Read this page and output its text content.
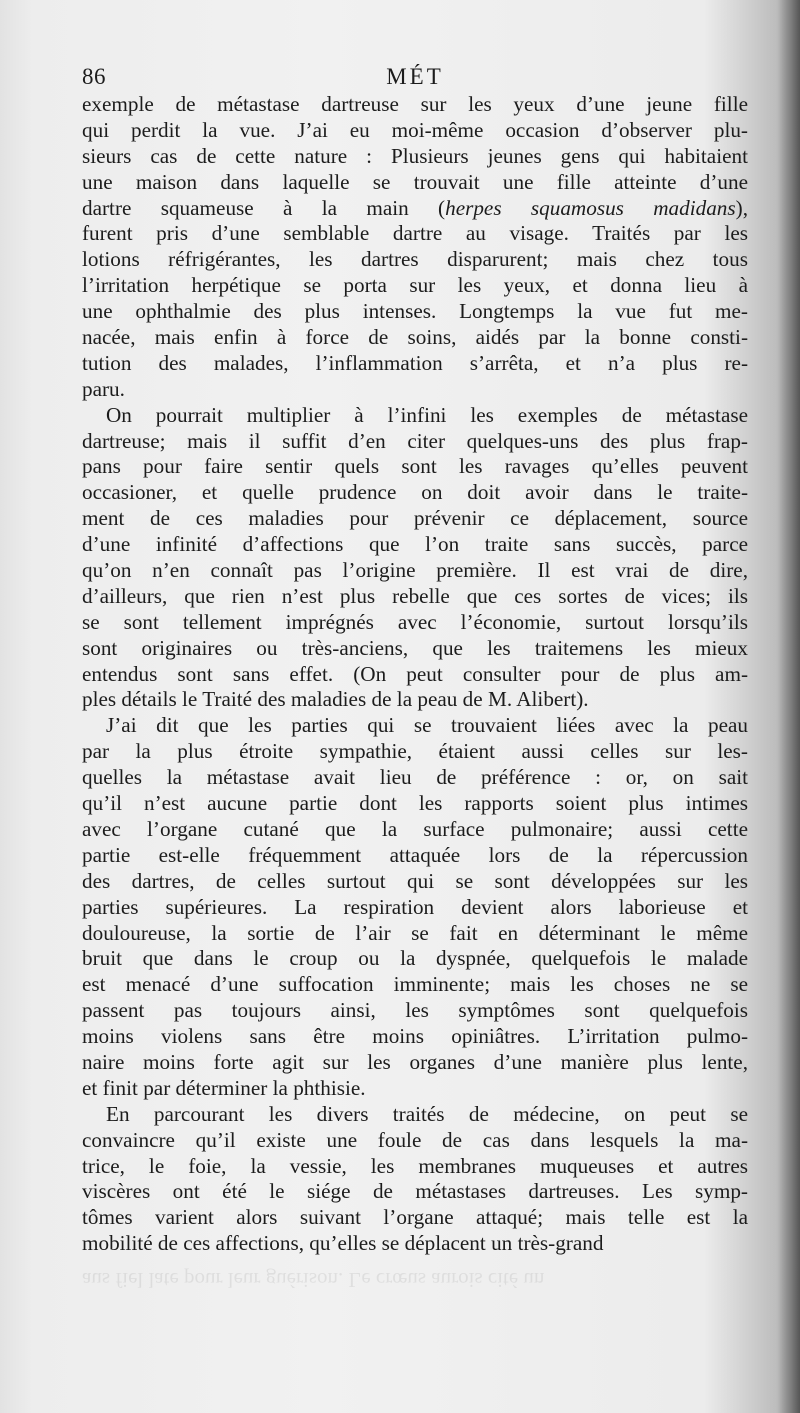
86	MÉT
exemple de métastase dartreuse sur les yeux d’une jeune fille
qui perdit la vue. J’ai eu moi-même occasion d’observer plu-
sieurs cas de cette nature : Plusieurs jeunes gens qui habitaient
une maison dans laquelle se trouvait une fille atteinte d’une
dartre squameuse à la main (herpes squamosus madidans),
furent pris d’une semblable dartre au visage. Traités par les
lotions réfrigérantes, les dartres disparurent; mais chez tous
l’irritation herpétique se porta sur les yeux, et donna lieu à
une ophthalmie des plus intenses. Longtemps la vue fut me-
nacée, mais enfin à force de soins, aidés par la bonne consti-
tution des malades, l’inflammation s’arrêta, et n’a plus re-
paru.
On pourrait multiplier à l’infini les exemples de métastase
dartreuse; mais il suffit d’en citer quelques-uns des plus frap-
pans pour faire sentir quels sont les ravages qu’elles peuvent
occasioner, et quelle prudence on doit avoir dans le traite-
ment de ces maladies pour prévenir ce déplacement, source
d’une infinité d’affections que l’on traite sans succès, parce
qu’on n’en connaît pas l’origine première. Il est vrai de dire,
d’ailleurs, que rien n’est plus rebelle que ces sortes de vices; ils
se sont tellement imprégnés avec l’économie, surtout lorsqu’ils
sont originaires ou très-anciens, que les traitemens les mieux
entendus sont sans effet. (On peut consulter pour de plus am-
ples détails le Traité des maladies de la peau de M. Alibert).
J’ai dit que les parties qui se trouvaient liées avec la peau
par la plus étroite sympathie, étaient aussi celles sur les-
quelles la métastase avait lieu de préférence : or, on sait
qu’il n’est aucune partie dont les rapports soient plus intimes
avec l’organe cutané que la surface pulmonaire; aussi cette
partie est-elle fréquemment attaquée lors de la répercussion
des dartres, de celles surtout qui se sont développées sur les
parties supérieures. La respiration devient alors laborieuse et
douloureuse, la sortie de l’air se fait en déterminant le même
bruit que dans le croup ou la dyspnée, quelquefois le malade
est menacé d’une suffocation imminente; mais les choses ne se
passent pas toujours ainsi, les symptômes sont quelquefois
moins violens sans être moins opiniâtres. L’irritation pulmo-
naire moins forte agit sur les organes d’une manière plus lente,
et finit par déterminer la phthisie.
En parcourant les divers traités de médecine, on peut se
convaincre qu’il existe une foule de cas dans lesquels la ma-
trice, le foie, la vessie, les membranes muqueuses et autres
viscères ont été le siége de métastases dartreuses. Les symp-
tômes varient alors suivant l’organe attaqué; mais telle est la
mobilité de ces affections, qu’elles se déplacent un très-grand
aus fiel late pour leur guérison. Le crœus aurois cité un
